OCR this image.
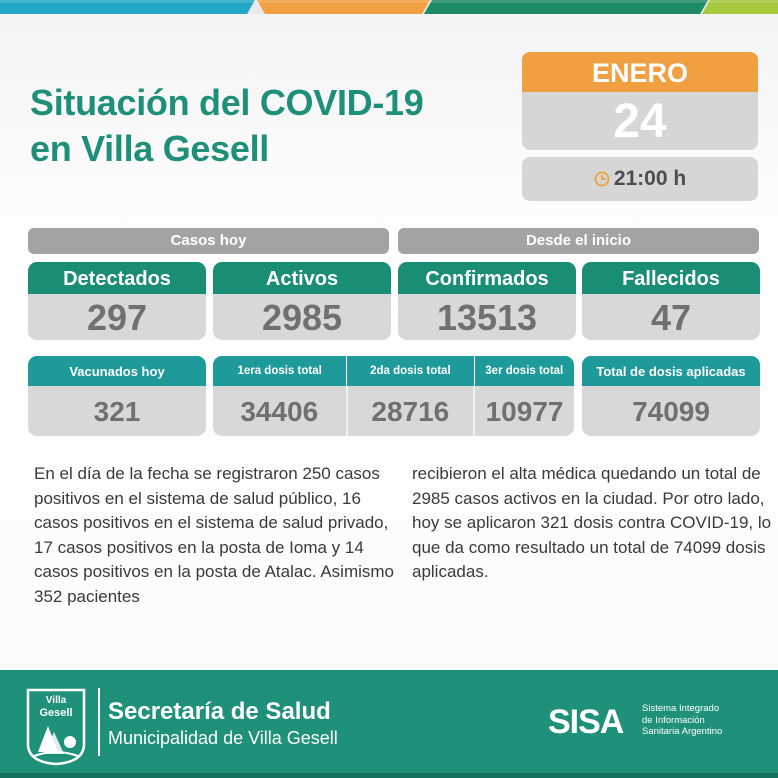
Situación del COVID-19
en Villa Gesell
ENERO
24
21:00 h
Casos hoy	Desde el inicio
Detectados
297
Activos
2985
Confirmados
13513
Fallecidos
47
Vacunados hoy
321
1era dosis total	2da dosis total	3er dosis total
34406	28716	10977
Total de dosis aplicadas
74099
En el día de la fecha se registraron 250 casos positivos en el sistema de salud público, 16 casos positivos en el sistema de salud privado, 17 casos positivos en la posta de Ioma y 14 casos positivos en la posta de Atalac. Asimismo 352 pacientes
recibieron el alta médica quedando un total de 2985 casos activos en la ciudad. Por otro lado, hoy se aplicaron 321 dosis contra COVID-19, lo que da como resultado un total de 74099 dosis aplicadas.
Villa
Gesell Secretaría de Salud
Municipalidad de Villa Gesell	SISA Sistema Integrado
de Información
Sanitaria Argentino
